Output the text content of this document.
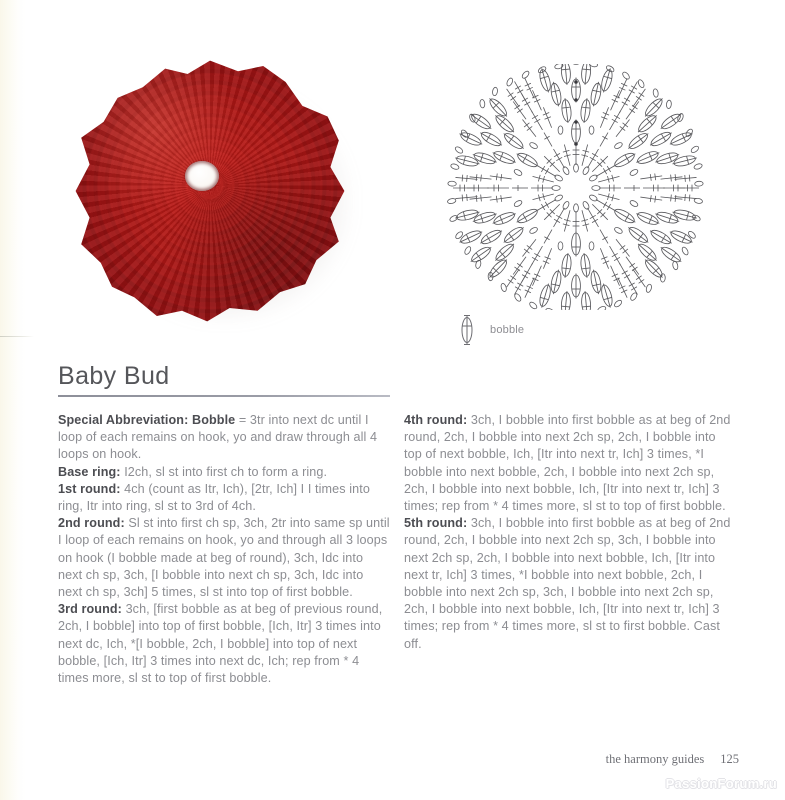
bobble
Baby Bud

Special Abbreviation: Bobble = 3tr into next dc until I loop of each remains on hook, yo and draw through all 4 loops on hook.

Base ring: I2ch, sl st into first ch to form a ring.

1st round: 4ch (count as Itr, Ich), [2tr, Ich] I I times into ring, Itr into ring, sl st to 3rd of 4ch.

2nd round: Sl st into first ch sp, 3ch, 2tr into same sp until I loop of each remains on hook, yo and through all 3 loops on hook (I bobble made at beg of round), 3ch, Idc into next ch sp, 3ch, [I bobble into next ch sp, 3ch, Idc into next ch sp, 3ch] 5 times, sl st into top of first bobble.

3rd round: 3ch, [first bobble as at beg of previous round, 2ch, I bobble] into top of first bobble, [Ich, Itr] 3 times into next dc, Ich, *[I bobble, 2ch, I bobble] into top of next bobble, [Ich, Itr] 3 times into next dc, Ich; rep from * 4 times more, sl st to top of first bobble.

4th round: 3ch, I bobble into first bobble as at beg of 2nd round, 2ch, I bobble into next 2ch sp, 2ch, I bobble into top of next bobble, Ich, [Itr into next tr, Ich] 3 times, *I bobble into next bobble, 2ch, I bobble into next 2ch sp, 2ch, I bobble into next bobble, Ich, [Itr into next tr, Ich] 3 times; rep from * 4 times more, sl st to top of first bobble.

5th round: 3ch, I bobble into first bobble as at beg of 2nd round, 2ch, I bobble into next 2ch sp, 3ch, I bobble into next 2ch sp, 2ch, I bobble into next bobble, Ich, [Itr into next tr, Ich] 3 times, *I bobble into next bobble, 2ch, I bobble into next 2ch sp, 3ch, I bobble into next 2ch sp, 2ch, I bobble into next bobble, Ich, [Itr into next tr, Ich] 3 times; rep from * 4 times more, sl st to first bobble. Cast off.

the harmony guides 125
PassionForum.ru
